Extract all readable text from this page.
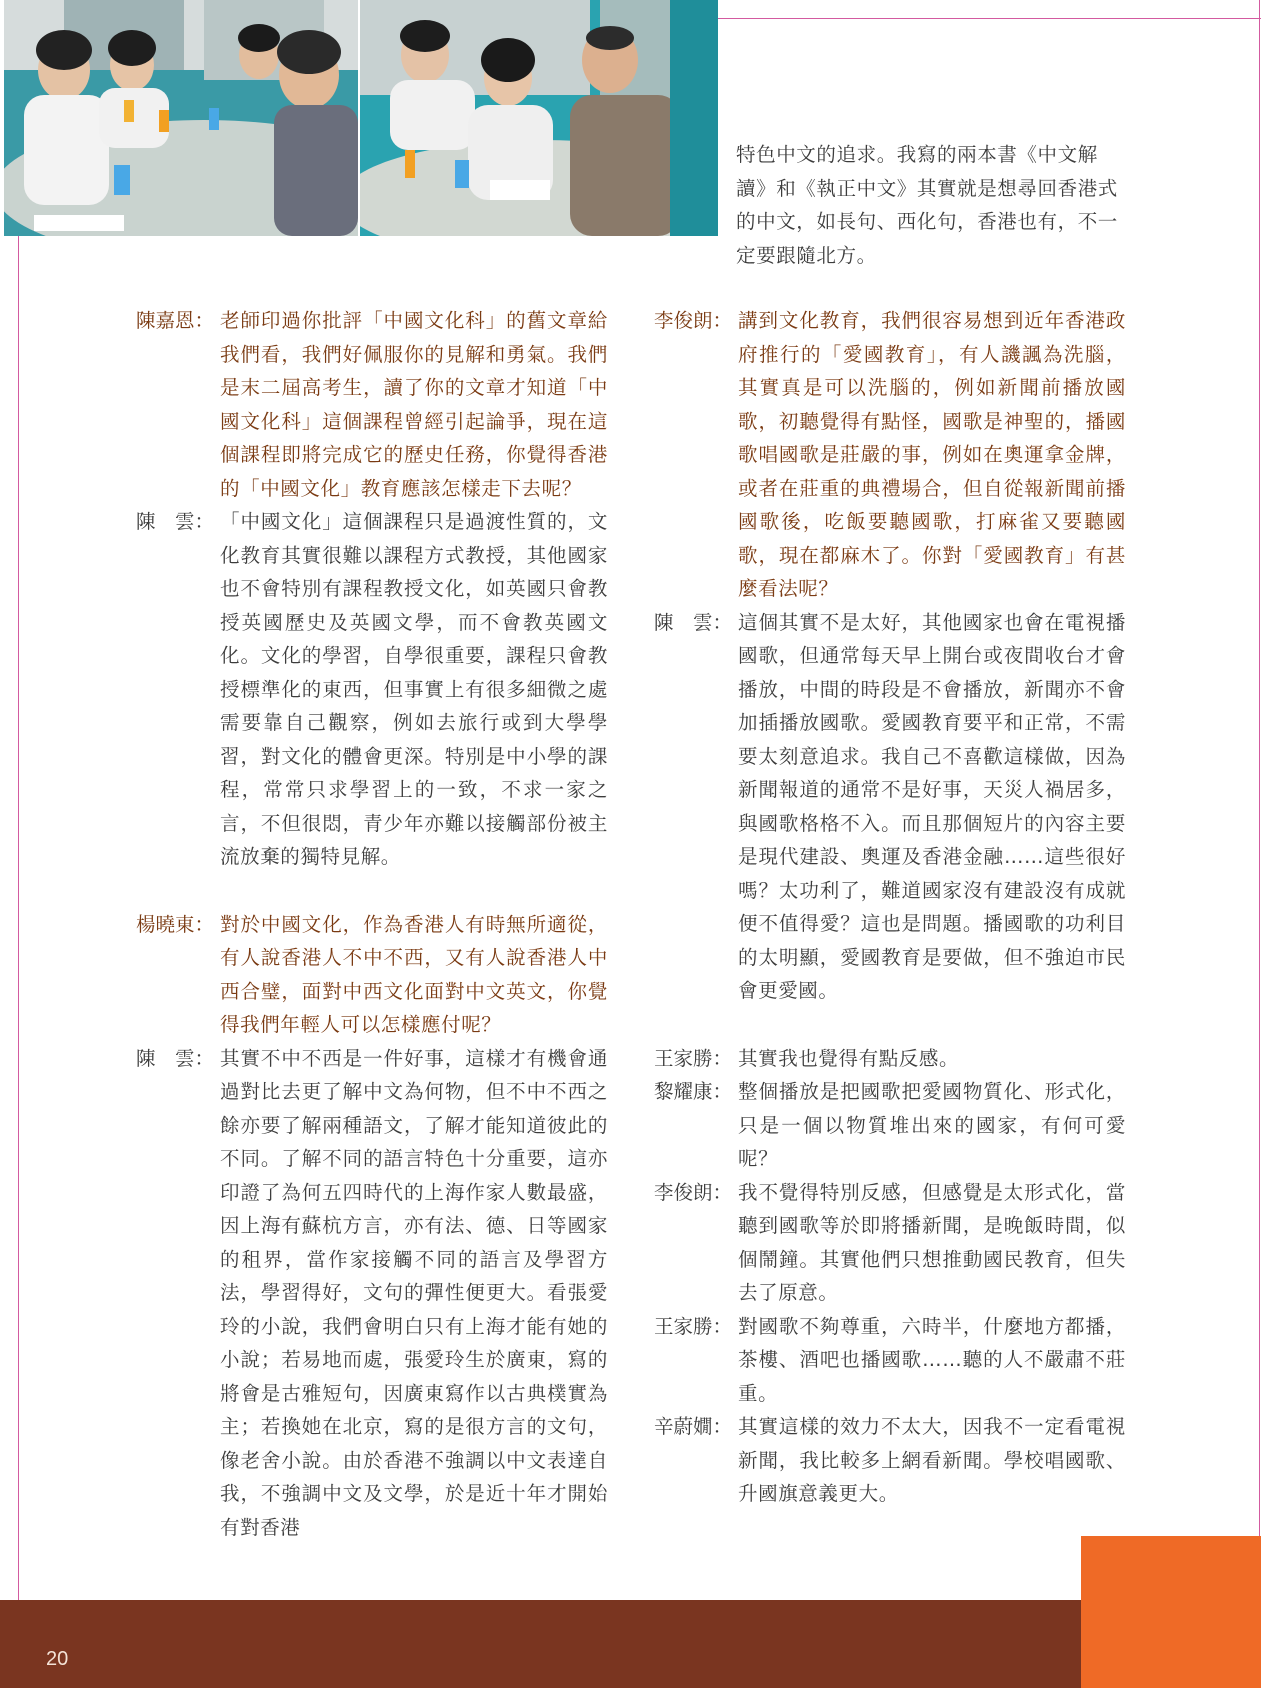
特色中文的追求。我寫的兩本書《中文解讀》和《執正中文》其實就是想尋回香港式的中文，如長句、西化句，香港也有，不一定要跟隨北方。

陳嘉恩： 老師印過你批評「中國文化科」的舊文章給我們看，我們好佩服你的見解和勇氣。我們是末二屆高考生，讀了你的文章才知道「中國文化科」這個課程曾經引起論爭，現在這個課程即將完成它的歷史任務，你覺得香港的「中國文化」教育應該怎樣走下去呢？
陳　雲： 「中國文化」這個課程只是過渡性質的，文化教育其實很難以課程方式教授，其他國家也不會特別有課程教授文化，如英國只會教授英國歷史及英國文學，而不會教英國文化。文化的學習，自學很重要，課程只會教授標準化的東西，但事實上有很多細微之處需要靠自己觀察，例如去旅行或到大學學習，對文化的體會更深。特別是中小學的課程，常常只求學習上的一致，不求一家之言，不但很悶，青少年亦難以接觸部份被主流放棄的獨特見解。
楊曉東： 對於中國文化，作為香港人有時無所適從，有人說香港人不中不西，又有人說香港人中西合璧，面對中西文化面對中文英文，你覺得我們年輕人可以怎樣應付呢？
陳　雲： 其實不中不西是一件好事，這樣才有機會通過對比去更了解中文為何物，但不中不西之餘亦要了解兩種語文，了解才能知道彼此的不同。了解不同的語言特色十分重要，這亦印證了為何五四時代的上海作家人數最盛，因上海有蘇杭方言，亦有法、德、日等國家的租界，當作家接觸不同的語言及學習方法，學習得好，文句的彈性便更大。看張愛玲的小說，我們會明白只有上海才能有她的小說；若易地而處，張愛玲生於廣東，寫的將會是古雅短句，因廣東寫作以古典樸實為主；若換她在北京，寫的是很方言的文句，像老舍小說。由於香港不強調以中文表達自我，不強調中文及文學，於是近十年才開始有對香港
李俊朗： 講到文化教育，我們很容易想到近年香港政府推行的「愛國教育」，有人譏諷為洗腦，其實真是可以洗腦的，例如新聞前播放國歌，初聽覺得有點怪，國歌是神聖的，播國歌唱國歌是莊嚴的事，例如在奧運拿金牌，或者在莊重的典禮場合，但自從報新聞前播國歌後，吃飯要聽國歌，打麻雀又要聽國歌，現在都麻木了。你對「愛國教育」有甚麼看法呢？
陳　雲： 這個其實不是太好，其他國家也會在電視播國歌，但通常每天早上開台或夜間收台才會播放，中間的時段是不會播放，新聞亦不會加插播放國歌。愛國教育要平和正常，不需要太刻意追求。我自己不喜歡這樣做，因為新聞報道的通常不是好事，天災人禍居多，與國歌格格不入。而且那個短片的內容主要是現代建設、奧運及香港金融……這些很好嗎？太功利了，難道國家沒有建設沒有成就便不值得愛？這也是問題。播國歌的功利目的太明顯，愛國教育是要做，但不強迫市民會更愛國。
王家勝： 其實我也覺得有點反感。
黎耀康： 整個播放是把國歌把愛國物質化、形式化，只是一個以物質堆出來的國家，有何可愛呢？
李俊朗： 我不覺得特別反感，但感覺是太形式化，當聽到國歌等於即將播新聞，是晚飯時間，似個鬧鐘。其實他們只想推動國民教育，但失去了原意。
王家勝： 對國歌不夠尊重，六時半，什麼地方都播，茶樓、酒吧也播國歌……聽的人不嚴肅不莊重。
辛蔚嫺： 其實這樣的效力不太大，因我不一定看電視新聞，我比較多上網看新聞。學校唱國歌、升國旗意義更大。
20
